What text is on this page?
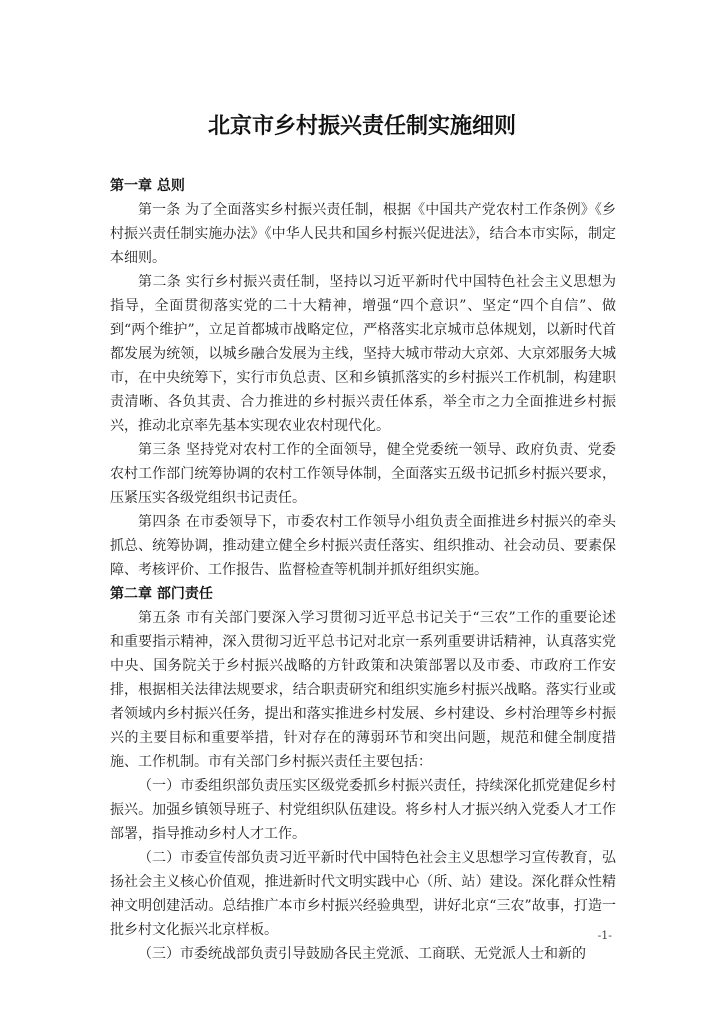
北京市乡村振兴责任制实施细则
第一章 总则

第一条 为了全面落实乡村振兴责任制，根据《中国共产党农村工作条例》《乡村振兴责任制实施办法》《中华人民共和国乡村振兴促进法》，结合本市实际，制定本细则。

第二条 实行乡村振兴责任制，坚持以习近平新时代中国特色社会主义思想为指导，全面贯彻落实党的二十大精神，增强“四个意识”、坚定“四个自信”、做到“两个维护”，立足首都城市战略定位，严格落实北京城市总体规划，以新时代首都发展为统领，以城乡融合发展为主线，坚持大城市带动大京郊、大京郊服务大城市，在中央统筹下，实行市负总责、区和乡镇抓落实的乡村振兴工作机制，构建职责清晰、各负其责、合力推进的乡村振兴责任体系，举全市之力全面推进乡村振兴，推动北京率先基本实现农业农村现代化。

第三条 坚持党对农村工作的全面领导，健全党委统一领导、政府负责、党委农村工作部门统筹协调的农村工作领导体制，全面落实五级书记抓乡村振兴要求，压紧压实各级党组织书记责任。

第四条 在市委领导下，市委农村工作领导小组负责全面推进乡村振兴的牵头抓总、统筹协调，推动建立健全乡村振兴责任落实、组织推动、社会动员、要素保障、考核评价、工作报告、监督检查等机制并抓好组织实施。

第二章 部门责任

第五条 市有关部门要深入学习贯彻习近平总书记关于“三农”工作的重要论述和重要指示精神，深入贯彻习近平总书记对北京一系列重要讲话精神，认真落实党中央、国务院关于乡村振兴战略的方针政策和决策部署以及市委、市政府工作安排，根据相关法律法规要求，结合职责研究和组织实施乡村振兴战略。落实行业或者领域内乡村振兴任务，提出和落实推进乡村发展、乡村建设、乡村治理等乡村振兴的主要目标和重要举措，针对存在的薄弱环节和突出问题，规范和健全制度措施、工作机制。市有关部门乡村振兴责任主要包括：

（一）市委组织部负责压实区级党委抓乡村振兴责任，持续深化抓党建促乡村振兴。加强乡镇领导班子、村党组织队伍建设。将乡村人才振兴纳入党委人才工作部署，指导推动乡村人才工作。

（二）市委宣传部负责习近平新时代中国特色社会主义思想学习宣传教育，弘扬社会主义核心价值观，推进新时代文明实践中心（所、站）建设。深化群众性精神文明创建活动。总结推广本市乡村振兴经验典型，讲好北京“三农”故事，打造一批乡村文化振兴北京样板。

（三）市委统战部负责引导鼓励各民主党派、工商联、无党派人士和新的

-1-
